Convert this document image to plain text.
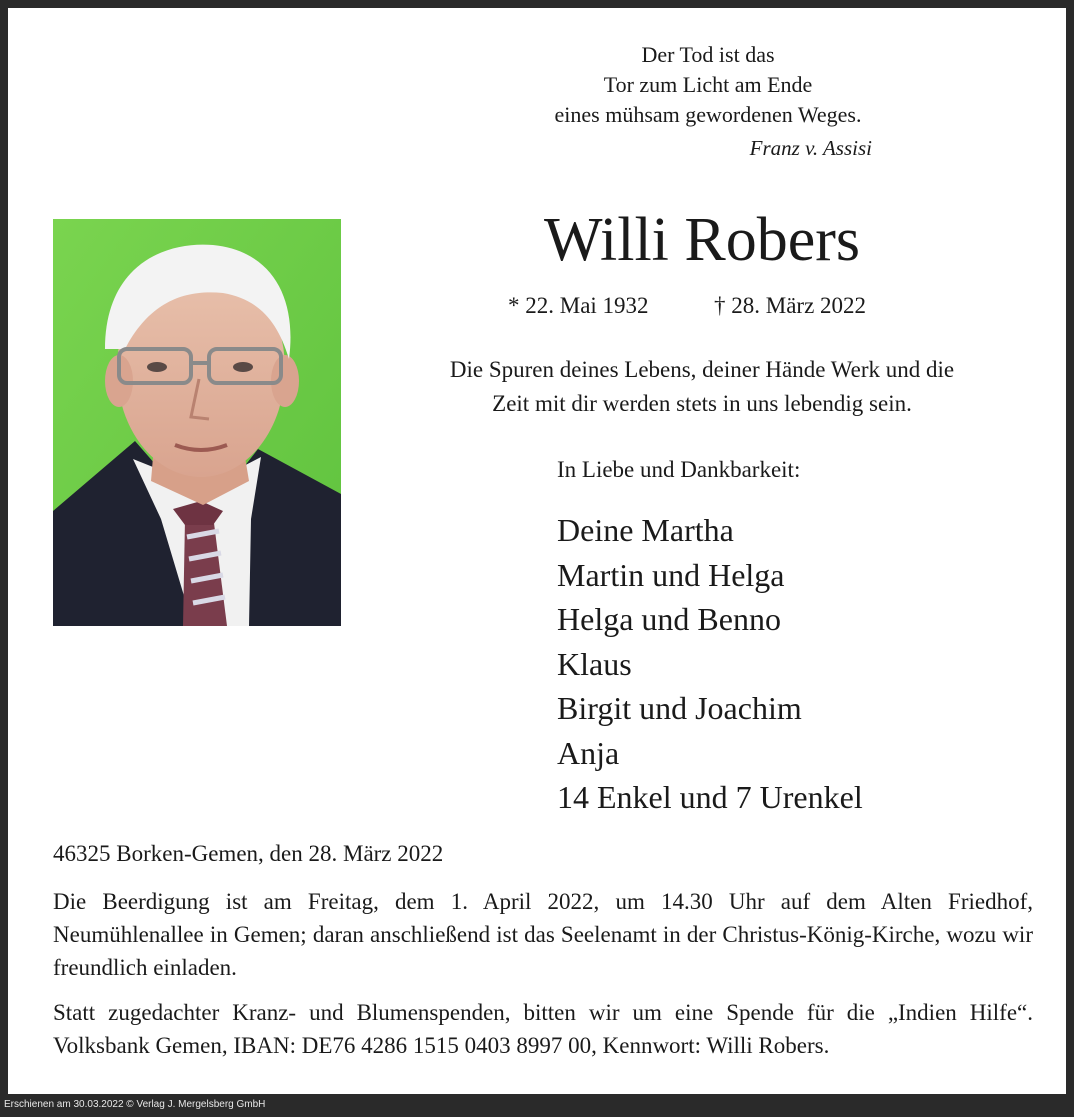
Der Tod ist das
Tor zum Licht am Ende
eines mühsam gewordenen Weges.
Franz v. Assisi
Willi Robers
* 22. Mai 1932	† 28. März 2022
Die Spuren deines Lebens, deiner Hände Werk und die
Zeit mit dir werden stets in uns lebendig sein.
In Liebe und Dankbarkeit:
Deine Martha
Martin und Helga
Helga und Benno
Klaus
Birgit und Joachim
Anja
14 Enkel und 7 Urenkel
46325 Borken-Gemen, den 28. März 2022

Die Beerdigung ist am Freitag, dem 1. April 2022, um 14.30 Uhr auf dem Alten Friedhof, Neumühlenallee in Gemen; daran anschließend ist das Seelenamt in der Christus-König-Kirche, wozu wir freundlich einladen.

Statt zugedachter Kranz- und Blumenspenden, bitten wir um eine Spende für die „Indien Hilfe“. Volksbank Gemen, IBAN: DE76 4286 1515 0403 8997 00, Kennwort: Willi Robers.

Erschienen am 30.03.2022 © Verlag J. Mergelsberg GmbH
